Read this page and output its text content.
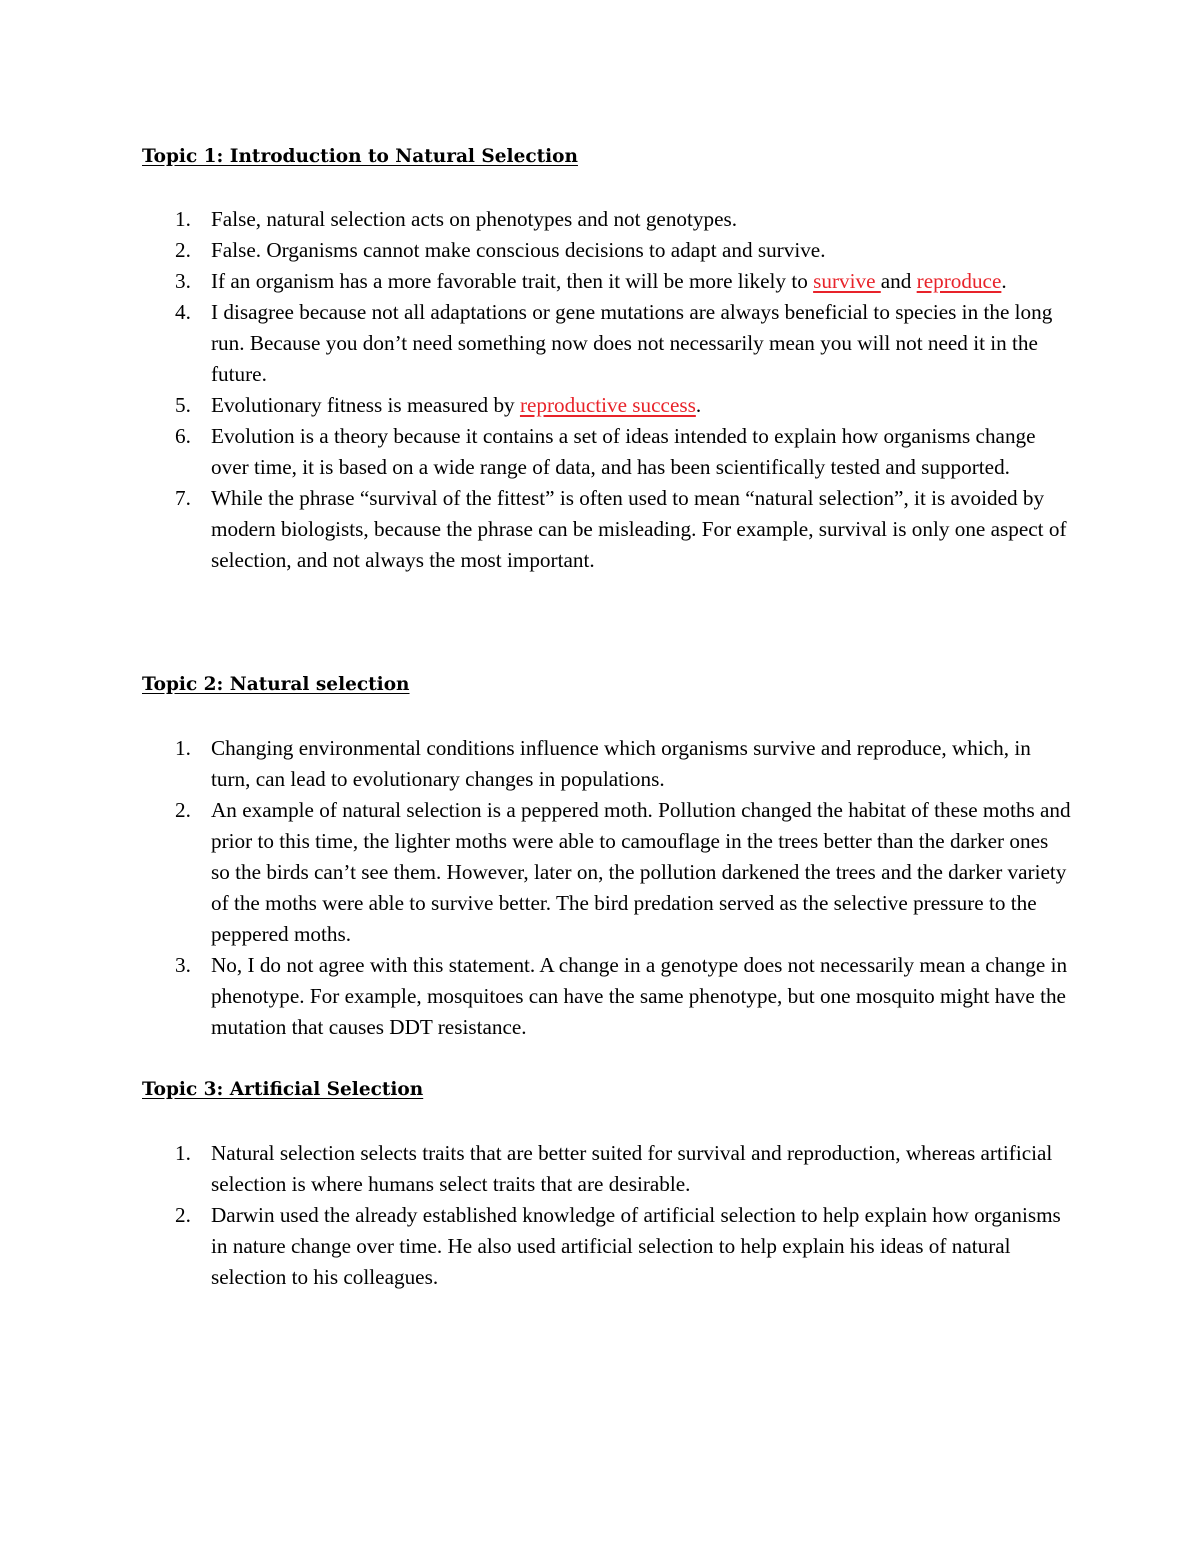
Topic 1: Introduction to Natural Selection
1. False, natural selection acts on phenotypes and not genotypes.
2. False. Organisms cannot make conscious decisions to adapt and survive.
3. If an organism has a more favorable trait, then it will be more likely to survive and reproduce.
4. I disagree because not all adaptations or gene mutations are always beneficial to species in the long run. Because you don’t need something now does not necessarily mean you will not need it in the future.
5. Evolutionary fitness is measured by reproductive success.
6. Evolution is a theory because it contains a set of ideas intended to explain how organisms change over time, it is based on a wide range of data, and has been scientifically tested and supported.
7. While the phrase “survival of the fittest” is often used to mean “natural selection”, it is avoided by modern biologists, because the phrase can be misleading. For example, survival is only one aspect of selection, and not always the most important.
Topic 2: Natural selection
1. Changing environmental conditions influence which organisms survive and reproduce, which, in turn, can lead to evolutionary changes in populations.
2. An example of natural selection is a peppered moth. Pollution changed the habitat of these moths and prior to this time, the lighter moths were able to camouflage in the trees better than the darker ones so the birds can’t see them. However, later on, the pollution darkened the trees and the darker variety of the moths were able to survive better. The bird predation served as the selective pressure to the peppered moths.
3. No, I do not agree with this statement. A change in a genotype does not necessarily mean a change in phenotype. For example, mosquitoes can have the same phenotype, but one mosquito might have the mutation that causes DDT resistance.
Topic 3: Artificial Selection
1. Natural selection selects traits that are better suited for survival and reproduction, whereas artificial selection is where humans select traits that are desirable.
2. Darwin used the already established knowledge of artificial selection to help explain how organisms in nature change over time. He also used artificial selection to help explain his ideas of natural selection to his colleagues.
